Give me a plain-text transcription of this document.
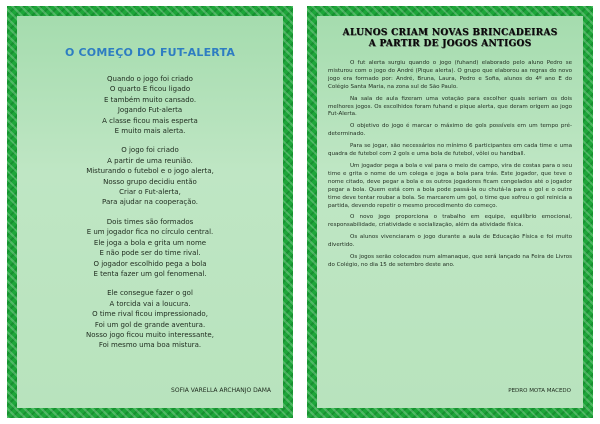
O COMEÇO DO FUT-ALERTA
Quando o jogo foi criado
O quarto E ficou ligado
E também muito cansado.
Jogando Fut-alerta
A classe ficou mais esperta
E muito mais alerta.
O jogo foi criado
A partir de uma reunião.
Misturando o futebol e o jogo alerta,
Nosso grupo decidiu então
Criar o Fut-alerta,
Para ajudar na cooperação.
Dois times são formados
E um jogador fica no círculo central.
Ele joga a bola e grita um nome
E não pode ser do time rival.
O jogador escolhido pega a bola
E tenta fazer um gol fenomenal.
Ele consegue fazer o gol
A torcida vai a loucura.
O time rival ficou impressionado,
Foi um gol de grande aventura.
Nosso jogo ficou muito interessante,
Foi mesmo uma boa mistura.
SOFIA VARELLA ARCHANJO DAMA
ALUNOS CRIAM NOVAS BRINCADEIRAS
A PARTIR DE JOGOS ANTIGOS

O fut alerta surgiu quando o jogo (fuhand) elaborado pelo aluno Pedro se misturou com o jogo do André (Pique alerta). O grupo que elaborou as regras do novo jogo era formado por: André, Bruna, Laura, Pedro e Sofia, alunos do 4º ano E do Colégio Santa Maria, na zona sul de São Paulo.

Na sala de aula fizeram uma votação para escolher quais seriam os dois melhores jogos. Os escolhidos foram fuhand e pique alerta, que deram origem ao jogo Fut-Alerta.

O objetivo do jogo é marcar o máximo de gols possíveis em um tempo pré-determinado.

Para se jogar, são necessários no mínimo 6 participantes em cada time e uma quadra de futebol com 2 gols e uma bola de futebol, vôlei ou handball.

Um jogador pega a bola e vai para o meio de campo, vira de costas para o seu time e grita o nome de um colega e joga a bola para trás. Este jogador, que teve o nome citado, deve pegar a bola e os outros jogadores ficam congelados até o jogador pegar a bola. Quem está com a bola pode passá-la ou chutá-la para o gol e o outro time deve tentar roubar a bola. Se marcarem um gol, o time que sofreu o gol reinicia a partida, devendo repetir o mesmo procedimento do começo.

O novo jogo proporciona o trabalho em equipe, equilíbrio emocional, responsabilidade, criatividade e socialização, além da atividade física.

Os alunos vivenciaram o jogo durante a aula de Educação Física e foi muito divertido.

Os jogos serão colocados num almanaque, que será lançado na Feira de Livros do Colégio, no dia 15 de setembro deste ano.

PEDRO MOTA MACEDO
